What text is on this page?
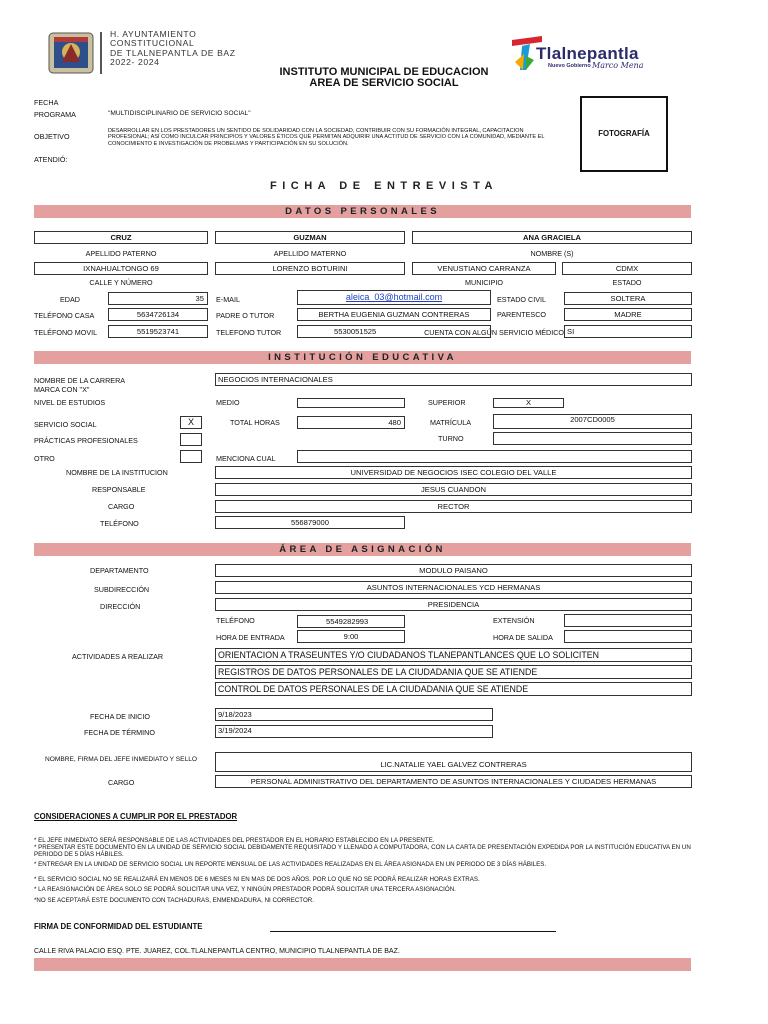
H. AYUNTAMIENTO
CONSTITUCIONAL
DE TLALNEPANTLA DE BAZ
2022- 2024
INSTITUTO MUNICIPAL DE EDUCACION
AREA DE SERVICIO SOCIAL
Tlalnepantla
Nuevo Gobierno Marco Mena
FECHA
PROGRAMA	"MULTIDISCIPLINARIO DE SERVICIO SOCIAL"
OBJETIVO
DESARROLLAR EN LOS PRESTADORES UN SENTIDO DE SOLIDARIDAD CON LA SOCIEDAD, CONTRIBUIR CON SU FORMACIÓN INTEGRAL, CAPACITACION PROFESIONAL; ASÍ COMO INCULCAR PRINCIPIOS Y VALORES ÉTICOS QUE PERMITAN ADQUIRIR UNA ACTITUD DE SERVICIO CON LA COMUNIDAD, MEDIANTE EL CONOCIMIENTO E INVESTIGACIÓN DE PROBELMAS Y PARTICIPACIÓN EN SU SOLUCIÓN.
ATENDIÓ:
FOTOGRAFÍA
FICHA DE ENTREVISTA
DATOS PERSONALES
CRUZ	GUZMAN	ANA GRACIELA
APELLIDO PATERNO	APELLIDO MATERNO	NOMBRE (S)
IXNAHUALTONGO 69	LORENZO BOTURINI	VENUSTIANO CARRANZA	CDMX
CALLE Y NÚMERO	MUNICIPIO	ESTADO
EDAD	35	E-MAIL	aleica_03@hotmail.com	ESTADO CIVIL	SOLTERA
TELÉFONO CASA	5634726134	PADRE O TUTOR	BERTHA EUGENIA GUZMAN CONTRERAS	PARENTESCO	MADRE
TELÉFONO MOVIL	5519523741	TELEFONO TUTOR	5530051525	CUENTA CON ALGÚN SERVICIO MÉDICO SI
INSTITUCIÓN EDUCATIVA
NOMBRE DE LA CARRERA	NEGOCIOS INTERNACIONALES
MARCA CON "X"
NIVEL DE ESTUDIOS	MEDIO	SUPERIOR	X
SERVICIO SOCIAL	X	TOTAL HORAS	480	MATRÍCULA	2007CD0005
PRÁCTICAS PROFESIONALES	TURNO
OTRO	MENCIONA CUAL
NOMBRE DE LA INSTITUCION	UNIVERSIDAD DE NEGOCIOS ISEC COLEGIO DEL VALLE
RESPONSABLE	JESUS CUANDON
CARGO	RECTOR
TELÉFONO	556879000
ÁREA DE ASIGNACIÓN
DEPARTAMENTO	MODULO PAISANO
SUBDIRECCIÓN	ASUNTOS INTERNACIONALES YCD HERMANAS
DIRECCIÓN	PRESIDENCIA
TELÉFONO	5549282993	EXTENSIÓN
HORA DE ENTRADA	9:00	HORA DE SALIDA
ACTIVIDADES A REALIZAR	ORIENTACION A TRASEUNTES Y/O CIUDADANOS TLANEPANTLANCES QUE LO SOLICITEN
REGISTROS DE DATOS PERSONALES DE LA CIUDADANIA QUE SE ATIENDE
CONTROL DE DATOS PERSONALES DE LA CIUDADANIA QUE SE ATIENDE
FECHA DE INICIO	9/18/2023
FECHA DE TÉRMINO	3/19/2024
NOMBRE, FIRMA DEL JEFE INMEDIATO Y SELLO
LIC.NATALIE YAEL GALVEZ CONTRERAS
CARGO	PERSONAL ADMINISTRATIVO DEL DEPARTAMENTO DE ASUNTOS INTERNACIONALES Y CIUDADES HERMANAS
CONSIDERACIONES A CUMPLIR POR EL PRESTADOR
* EL JEFE INMEDIATO SERÁ RESPONSABLE DE LAS ACTIVIDADES DEL PRESTADOR EN EL HORARIO ESTABLECIDO EN LA PRESENTE.
* PRESENTAR ESTE DOCUMENTO EN LA UNIDAD DE SERVICIO SOCIAL DEBIDAMENTE REQUISITADO Y LLENADO A COMPUTADORA, CON LA CARTA DE PRESENTACIÓN EXPEDIDA POR LA INSTITUCIÓN EDUCATIVA EN UN PERIODO DE 5 DÍAS HÁBILES.
* ENTREGAR EN LA UNIDAD DE SERVICIO SOCIAL UN REPORTE MENSUAL DE LAS ACTIVIDADES REALIZADAS EN EL ÁREA ASIGNADA EN UN PERIODO DE 3 DÍAS HÁBILES.
* EL SERVICIO SOCIAL NO SE REALIZARÁ EN MENOS DE 6 MESES NI EN MAS DE DOS AÑOS. POR LO QUE NO SE PODRÁ REALIZAR HORAS EXTRAS.
* LA REASIGNACIÓN DE ÁREA SOLO SE PODRÁ SOLICITAR UNA VEZ, Y NINGÚN PRESTADOR PODRÁ SOLICITAR UNA TERCERA ASIGNACIÓN.
*NO SE ACEPTARÁ ESTE DOCUMENTO CON TACHADURAS, ENMENDADURA, NI CORRECTOR.
FIRMA DE CONFORMIDAD DEL ESTUDIANTE
CALLE RIVA PALACIO ESQ. PTE. JUAREZ, COL.TLALNEPANTLA CENTRO, MUNICIPIO TLALNEPANTLA DE BAZ.
